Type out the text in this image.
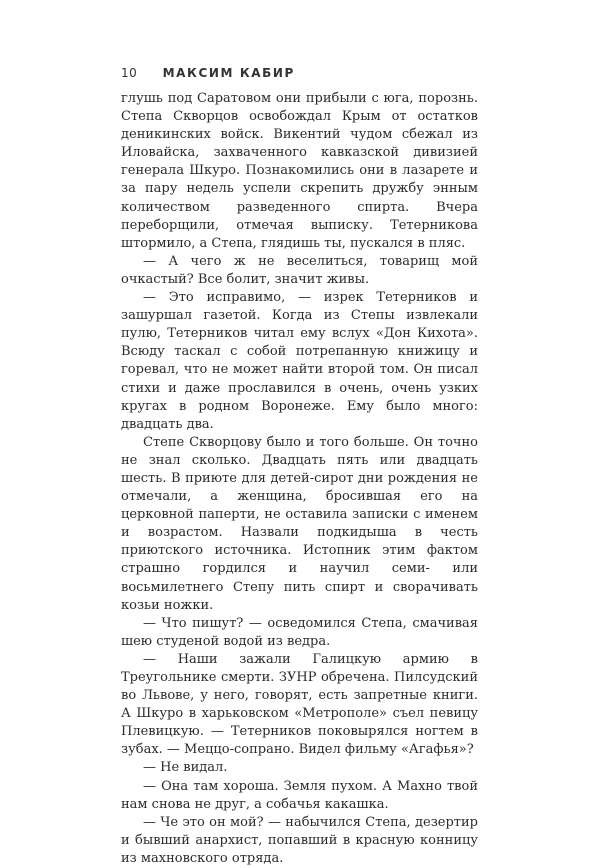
10 МАКСИМ КАБИР

глушь под Саратовом они прибыли с юга, порознь. Степа Скворцов освобождал Крым от остатков деникинских войск. Викентий чудом сбежал из Иловайска, захваченного кавказской дивизией генерала Шкуро. Познакомились они в лазарете и за пару недель успели скрепить дружбу энным количеством разведенного спирта. Вчера переборщили, отмечая выписку. Тетерникова штормило, а Степа, глядишь ты, пускался в пляс.

— А чего ж не веселиться, товарищ мой очкастый? Все болит, значит живы.

— Это исправимо, — изрек Тетерников и зашуршал газетой. Когда из Степы извлекали пулю, Тетерников читал ему вслух «Дон Кихота». Всюду таскал с собой потрепанную книжицу и горевал, что не может найти второй том. Он писал стихи и даже прославился в очень, очень узких кругах в родном Воронеже. Ему было много: двадцать два.

Степе Скворцову было и того больше. Он точно не знал сколько. Двадцать пять или двадцать шесть. В приюте для детей-сирот дни рождения не отмечали, а женщина, бросившая его на церковной паперти, не оставила записки с именем и возрастом. Назвали подкидыша в честь приютского источника. Истопник этим фактом страшно гордился и научил семи- или восьмилетнего Степу пить спирт и сворачивать козьи ножки.

— Что пишут? — осведомился Степа, смачивая шею студеной водой из ведра.

— Наши зажали Галицкую армию в Треугольнике смерти. ЗУНР обречена. Пилсудский во Львове, у него, говорят, есть запретные книги. А Шкуро в харьковском «Метрополе» съел певицу Плевицкую. — Тетерников поковырялся ногтем в зубах. — Меццо-сопрано. Видел фильму «Агафья»?

— Не видал.

— Она там хороша. Земля пухом. А Махно твой нам снова не друг, а собачья какашка.

— Че это он мой? — набычился Степа, дезертир и бывший анархист, попавший в красную конницу из махновского отряда.
